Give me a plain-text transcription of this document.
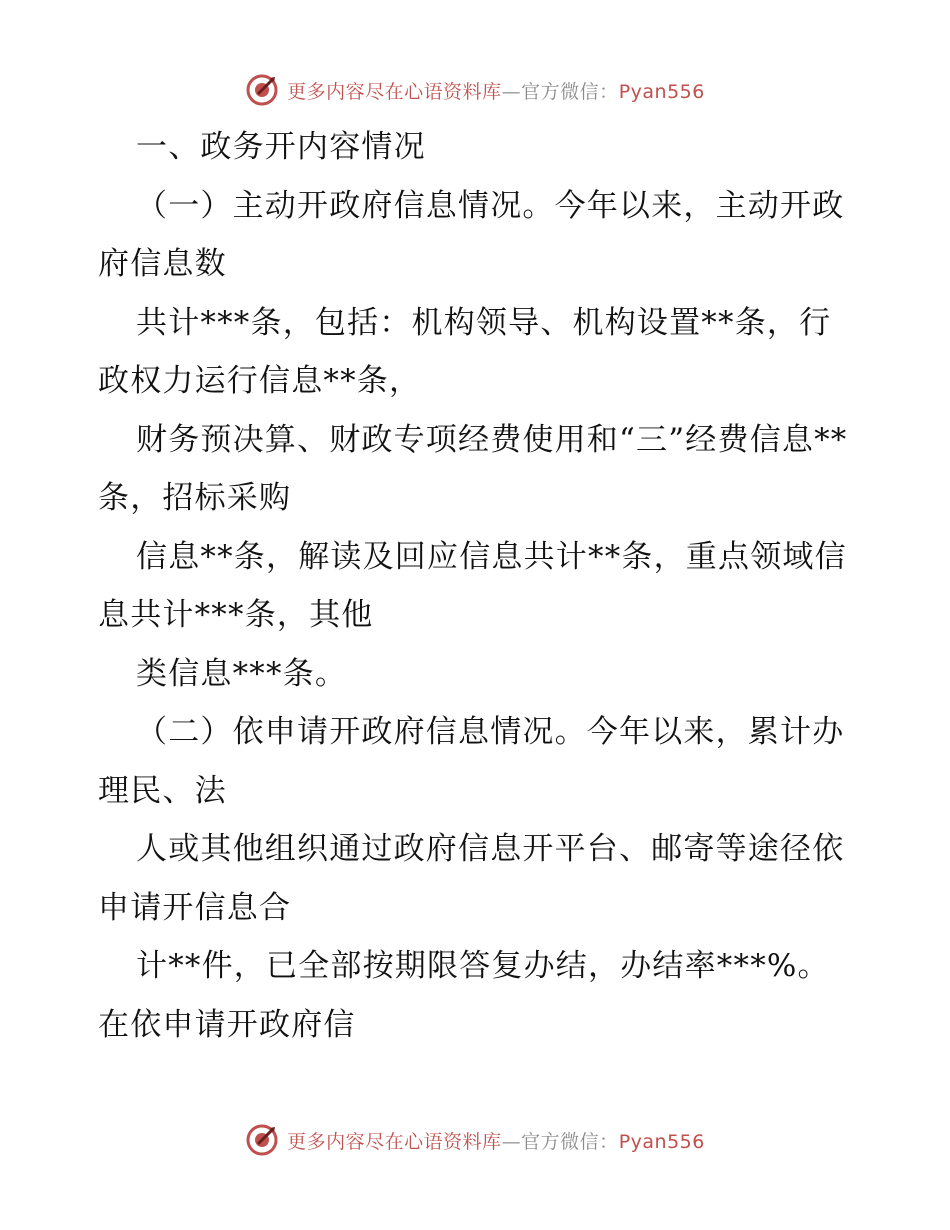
更多内容尽在心语资料库—官方微信：Pyan556

一、政务开内容情况

（一）主动开政府信息情况。今年以来，主动开政府信息数

共计***条，包括：机构领导、机构设置**条，行政权力运行信息**条，

财务预决算、财政专项经费使用和“三”经费信息**条，招标采购

信息**条，解读及回应信息共计**条，重点领域信息共计***条，其他

类信息***条。

（二）依申请开政府信息情况。今年以来，累计办理民、法

人或其他组织通过政府信息开平台、邮寄等途径依申请开信息合

计**件，已全部按期限答复办结，办结率***%。在依申请开政府信

更多内容尽在心语资料库—官方微信：Pyan556
